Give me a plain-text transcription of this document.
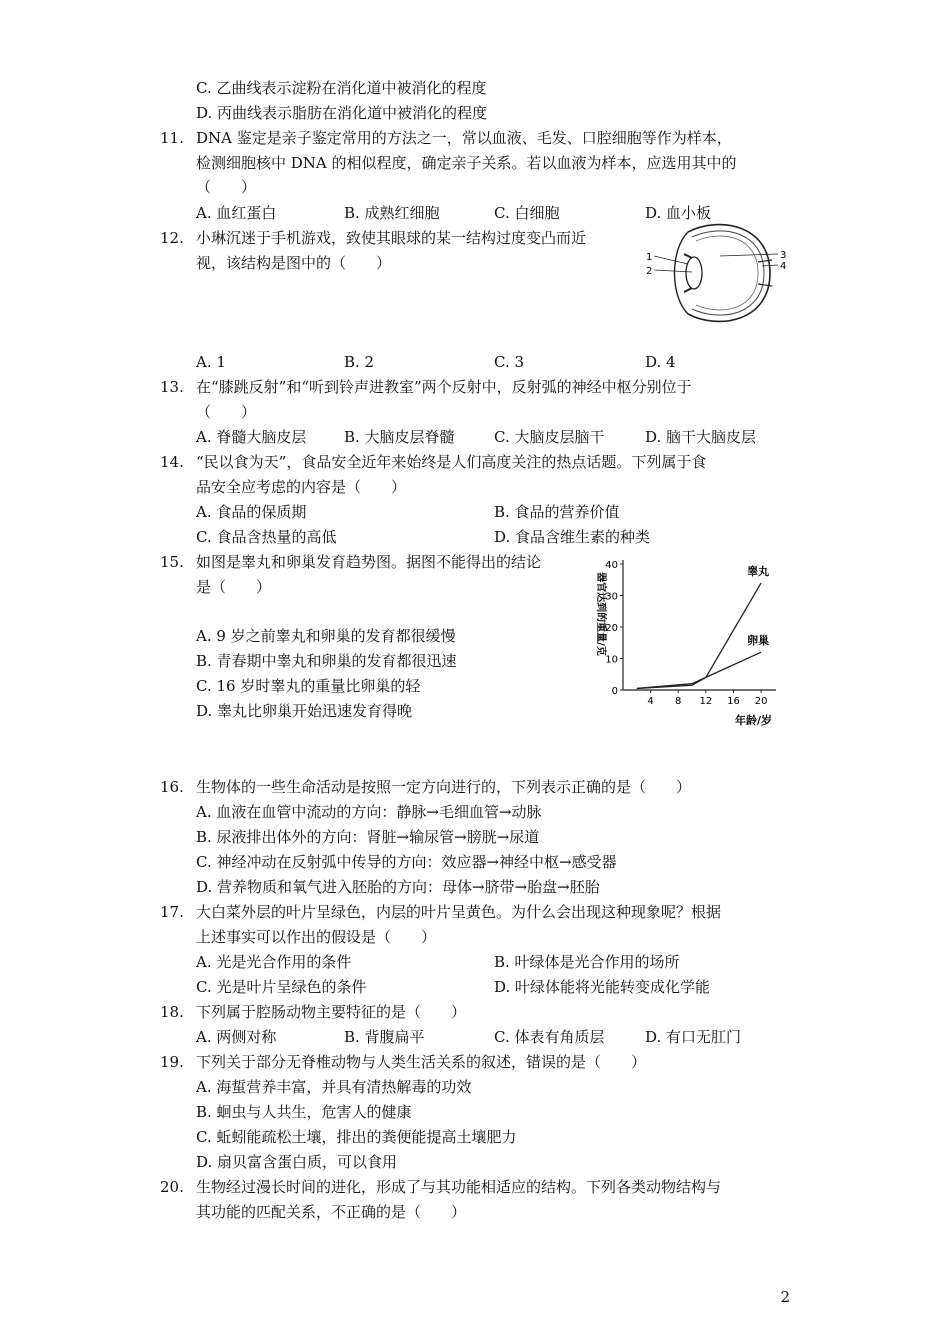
C. 乙曲线表示淀粉在消化道中被消化的程度
D. 丙曲线表示脂肪在消化道中被消化的程度
11. DNA 鉴定是亲子鉴定常用的方法之一，常以血液、毛发、口腔细胞等作为样本，
检测细胞核中 DNA 的相似程度，确定亲子关系。若以血液为样本，应选用其中的
（　　）
A. 血红蛋白	B. 成熟红细胞	C. 白细胞	D. 血小板
12. 小琳沉迷于手机游戏，致使其眼球的某一结构过度变凸而近
视，该结构是图中的（　　）	1
2
3
4
A. 1	B. 2	C. 3	D. 4
13. 在“膝跳反射”和“听到铃声进教室”两个反射中，反射弧的神经中枢分别位于
（　　）
A. 脊髓大脑皮层	B. 大脑皮层脊髓	C. 大脑皮层脑干	D. 脑干大脑皮层
14. “民以食为天”，食品安全近年来始终是人们高度关注的热点话题。下列属于食
品安全应考虑的内容是（　　）
A. 食品的保质期	B. 食品的营养价值
C. 食品含热量的高低	D. 食品含维生素的种类
15. 如图是睾丸和卵巢发育趋势图。据图不能得出的结论
是（　　）
A. 9 岁之前睾丸和卵巢的发育都很缓慢
B. 青春期中睾丸和卵巢的发育都很迅速
C. 16 岁时睾丸的重量比卵巢的轻
D. 睾丸比卵巢开始迅速发育得晚
0
10
20
30
40
4 8 12 16 20
睾丸
卵巢
年龄/岁
器官达到的重量/克
16. 生物体的一些生命活动是按照一定方向进行的，下列表示正确的是（　　）
A. 血液在血管中流动的方向：静脉→毛细血管→动脉
B. 尿液排出体外的方向：肾脏→输尿管→膀胱→尿道
C. 神经冲动在反射弧中传导的方向：效应器→神经中枢→感受器
D. 营养物质和氧气进入胚胎的方向：母体→脐带→胎盘→胚胎
17. 大白菜外层的叶片呈绿色，内层的叶片呈黄色。为什么会出现这种现象呢？根据
上述事实可以作出的假设是（　　）
A. 光是光合作用的条件	B. 叶绿体是光合作用的场所
C. 光是叶片呈绿色的条件	D. 叶绿体能将光能转变成化学能
18. 下列属于腔肠动物主要特征的是（　　）
A. 两侧对称	B. 背腹扁平	C. 体表有角质层	D. 有口无肛门
19. 下列关于部分无脊椎动物与人类生活关系的叙述，错误的是（　　）
A. 海蜇营养丰富，并具有清热解毒的功效
B. 蛔虫与人共生，危害人的健康
C. 蚯蚓能疏松土壤，排出的粪便能提高土壤肥力
D. 扇贝富含蛋白质，可以食用
20. 生物经过漫长时间的进化，形成了与其功能相适应的结构。下列各类动物结构与
其功能的匹配关系，不正确的是（　　）
2
